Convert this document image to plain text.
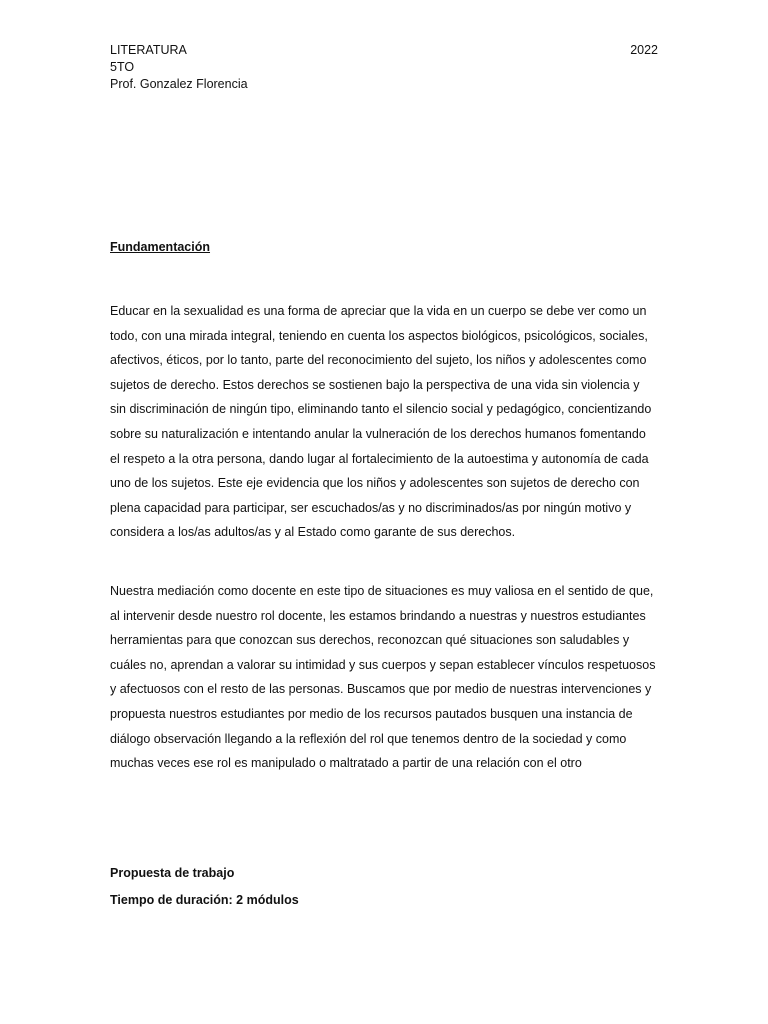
LITERATURA
5TO
Prof. Gonzalez Florencia
2022
Fundamentación

Educar en la sexualidad es una forma de apreciar que la vida en un cuerpo se debe ver como un todo, con una mirada integral, teniendo en cuenta los aspectos biológicos, psicológicos, sociales, afectivos, éticos, por lo tanto, parte del reconocimiento del sujeto, los niños y adolescentes como sujetos de derecho. Estos derechos se sostienen bajo la perspectiva de una vida sin violencia y sin discriminación de ningún tipo, eliminando tanto el silencio social y pedagógico, concientizando sobre su naturalización e intentando anular la vulneración de los derechos humanos fomentando el respeto a la otra persona, dando lugar al fortalecimiento de la autoestima y autonomía de cada uno de los sujetos. Este eje evidencia que los niños y adolescentes son sujetos de derecho con plena capacidad para participar, ser escuchados/as y no discriminados/as por ningún motivo y considera a los/as adultos/as y al Estado como garante de sus derechos.

Nuestra mediación como docente en este tipo de situaciones es muy valiosa en el sentido de que, al intervenir desde nuestro rol docente, les estamos brindando a nuestras y nuestros estudiantes herramientas para que conozcan sus derechos, reconozcan qué situaciones son saludables y cuáles no, aprendan a valorar su intimidad y sus cuerpos y sepan establecer vínculos respetuosos y afectuosos con el resto de las personas. Buscamos que por medio de nuestras intervenciones y propuesta nuestros estudiantes por medio de los recursos pautados busquen una instancia de diálogo observación llegando a la reflexión del rol que tenemos dentro de la sociedad y como muchas veces ese rol es manipulado o maltratado a partir de una relación con el otro

Propuesta de trabajo
Tiempo de duración: 2 módulos
